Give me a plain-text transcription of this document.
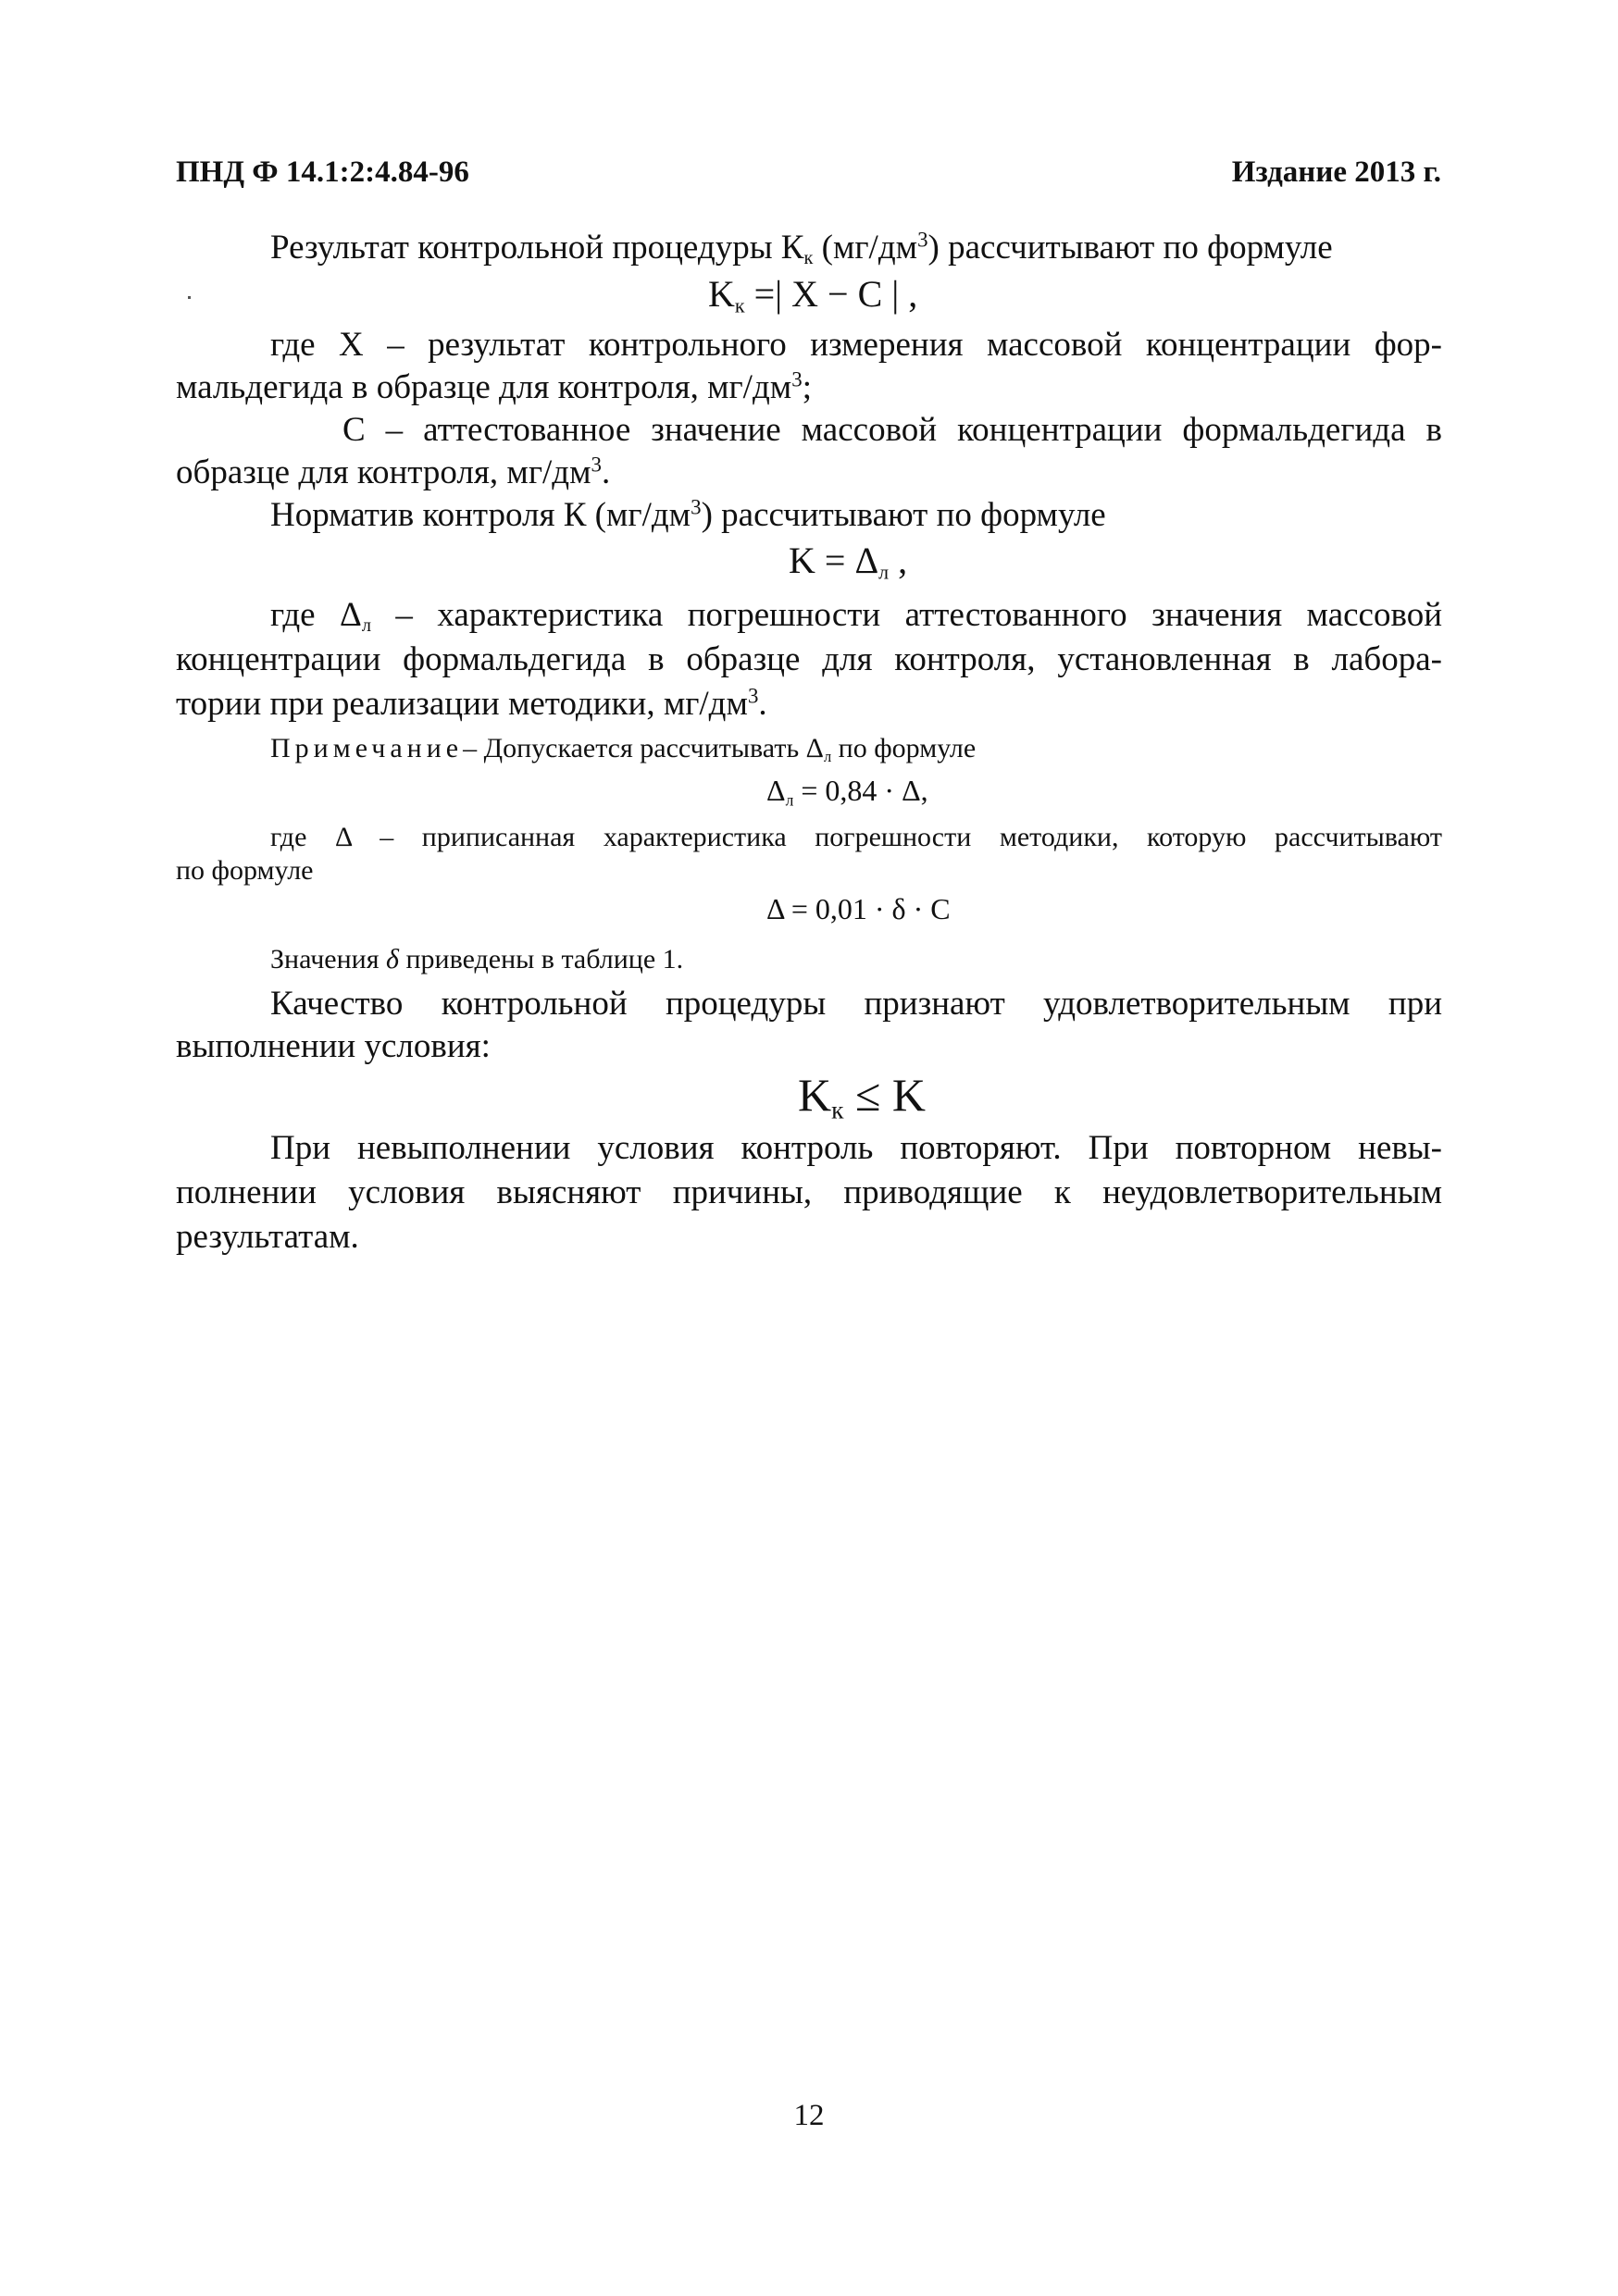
ПНД Ф 14.1:2:4.84-96	Издание 2013 г.
Результат контрольной процедуры $К_к$ $(мг/дм^3)$ рассчитывают по формуле
$K_к$ =| X − C | ,
где X – результат контрольного измерения массовой концентрации фор-
мальдегида в образце для контроля, $мг/дм^3$;
С – аттестованное значение массовой концентрации формальдегида в
образце для контроля, $мг/дм^3$.
Норматив контроля К $(мг/дм^3)$ рассчитывают по формуле
$K = \Delta_л$ ,
где $\Delta_л$ – характеристика погрешности аттестованного значения массовой
концентрации формальдегида в образце для контроля, установленная в лабора-
тории при реализации методики, $мг/дм^3$.
Примечание– Допускается рассчитывать $\Delta_л$ по формуле
$\Delta_л = 0,84 \cdot \Delta$,
где Δ – приписанная характеристика погрешности методики, которую рассчитывают
по формуле
Δ = 0,01 · δ · C
Значения δ приведены в таблице 1.
Качество контрольной процедуры признают удовлетворительным при
выполнении условия:
$K_к \le K$
При невыполнении условия контроль повторяют. При повторном невы-
полнении условия выясняют причины, приводящие к неудовлетворительным
результатам.
12
